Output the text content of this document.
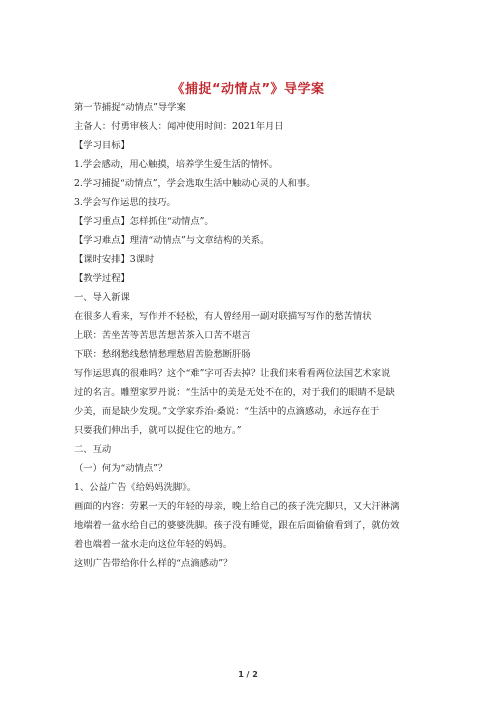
《捕捉“动情点”》导学案
第一节捕捉“动情点”导学案
主备人：付勇审核人：闻冲使用时间：2021年月日
【学习目标】
1.学会感动，用心触摸，培养学生爱生活的情怀。
2.学习捕捉“动情点”，学会选取生活中触动心灵的人和事。
3.学会写作运思的技巧。
【学习重点】怎样抓住“动情点”。
【学习难点】理清“动情点”与文章结构的关系。
【课时安排】3课时
【教学过程】
一、导入新课
在很多人看来，写作并不轻松，有人曾经用一副对联描写写作的愁苦情状
上联：苦坐苦等苦思苦想苦茶入口苦不堪言
下联：愁纲愁线愁情愁理愁眉苦脸愁断肝肠
写作运思真的很难吗？这个“难”字可否去掉？让我们来看看两位法国艺术家说
过的名言。雕塑家罗丹说：“生活中的美是无处不在的，对于我们的眼睛不是缺
少美，而是缺少发现。”文学家乔治·桑说：“生活中的点滴感动，永远存在于
只要我们伸出手，就可以捉住它的地方。”
二、互动
（一）何为“动情点”？
1、公益广告《给妈妈洗脚》。
画面的内容：劳累一天的年轻的母亲，晚上给自己的孩子洗完脚只，又大汗淋漓
地端着一盆水给自己的婆婆洗脚。孩子没有睡觉，跟在后面偷偷看到了，就仿效
着也端着一盆水走向这位年轻的妈妈。
这则广告带给你什么样的“点滴感动”？
1 / 2
